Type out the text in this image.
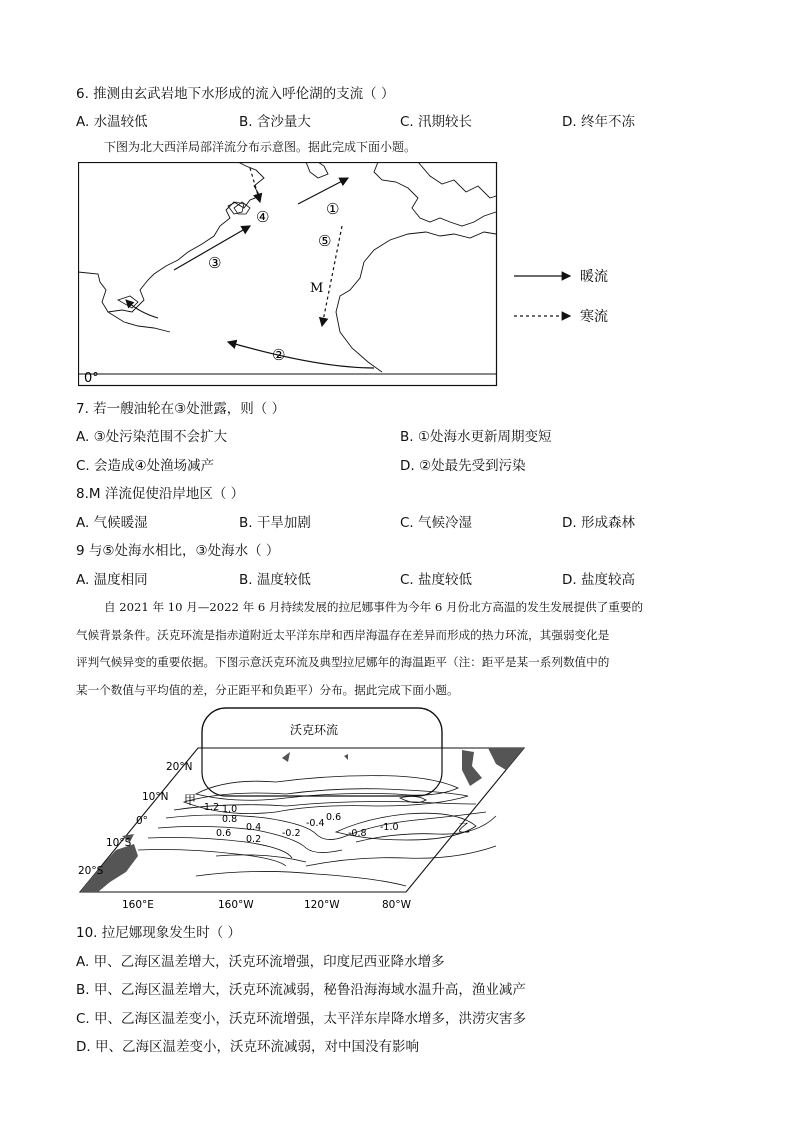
6. 推测由玄武岩地下水形成的流入呼伦湖的支流（ ）
A. 水温较低	B. 含沙量大	C. 汛期较长	D. 终年不冻
下图为北大西洋局部洋流分布示意图。据此完成下面小题。
①
④
③
⑤
M
②
0°
暖流
寒流
7. 若一艘油轮在③处泄露，则（ ）
A. ③处污染范围不会扩大	B. ①处海水更新周期变短
C. 会造成④处渔场减产	D. ②处最先受到污染
8.M 洋流促使沿岸地区（ ）
A. 气候暖湿	B. 干旱加剧	C. 气候冷湿	D. 形成森林
9 与⑤处海水相比，③处海水（ ）
A. 温度相同	B. 温度较低	C. 盐度较低	D. 盐度较高
自 2021 年 10 月—2022 年 6 月持续发展的拉尼娜事件为今年 6 月份北方高温的发生发展提供了重要的
气候背景条件。沃克环流是指赤道附近太平洋东岸和西岸海温存在差异而形成的热力环流，其强弱变化是
评判气候异变的重要依据。下图示意沃克环流及典型拉尼娜年的海温距平（注：距平是某一系列数值中的
某一个数值与平均值的差，分正距平和负距平）分布。据此完成下面小题。
沃克环流
1.2 1.0
0.8
0.6
0.4
0.2
-0.2
-0.4
0.6
-0.8
-1.0
甲
乙
20°N
10°N
0°
10°S
20°S
160°E	160°W	120°W	80°W
10. 拉尼娜现象发生时（ ）
A. 甲、乙海区温差增大，沃克环流增强，印度尼西亚降水增多
B. 甲、乙海区温差增大，沃克环流减弱，秘鲁沿海海域水温升高，渔业减产
C. 甲、乙海区温差变小，沃克环流增强，太平洋东岸降水增多，洪涝灾害多
D. 甲、乙海区温差变小，沃克环流减弱，对中国没有影响
